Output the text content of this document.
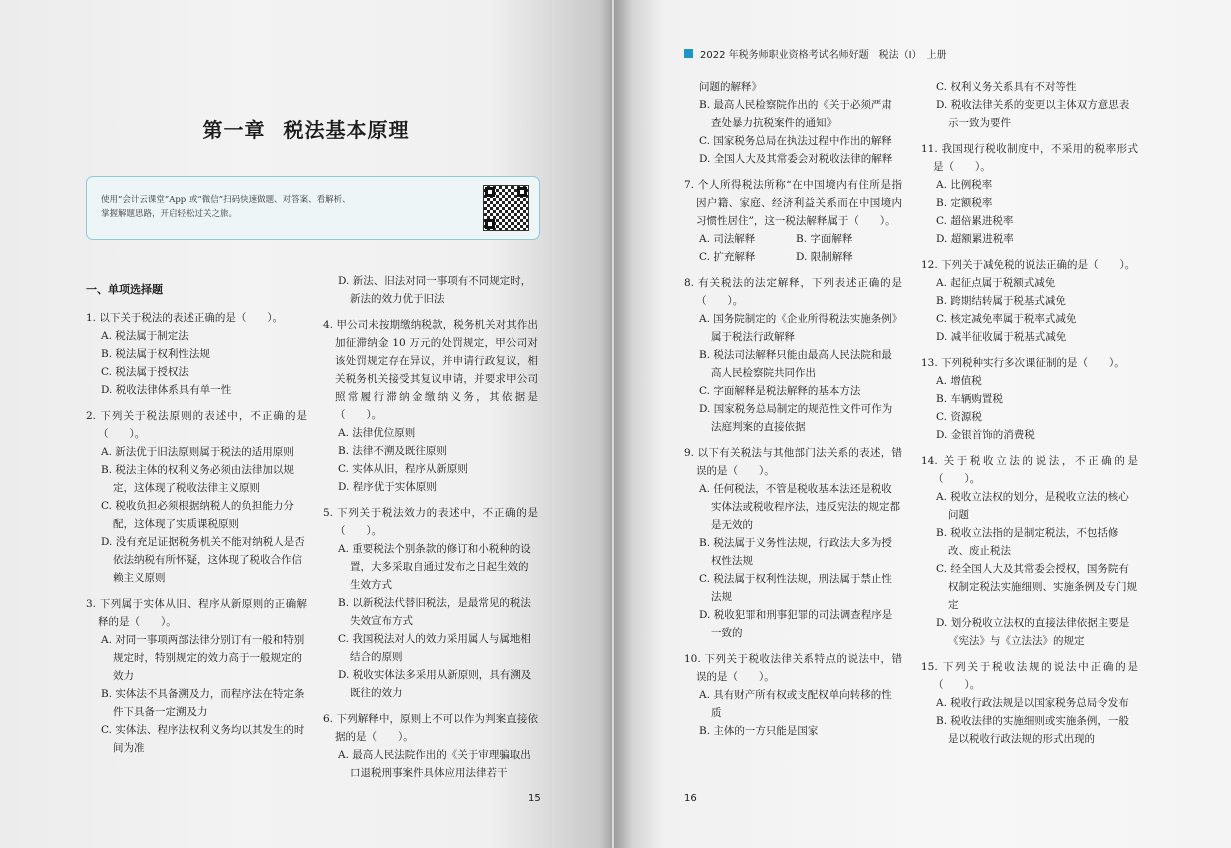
第一章 税法基本原理
使用“会计云课堂”App 或“微信”扫码快速做题、对答案、看解析、
掌握解题思路，开启轻松过关之旅。
一、单项选择题
1. 以下关于税法的表述正确的是（　　）。
A. 税法属于制定法
B. 税法属于权利性法规
C. 税法属于授权法
D. 税收法律体系具有单一性
2. 下列关于税法原则的表述中，不正确的是（　　）。
A. 新法优于旧法原则属于税法的适用原则
B. 税法主体的权利义务必须由法律加以规定，这体现了税收法律主义原则
C. 税收负担必须根据纳税人的负担能力分配，这体现了实质课税原则
D. 没有充足证据税务机关不能对纳税人是否依法纳税有所怀疑，这体现了税收合作信赖主义原则
3. 下列属于实体从旧、程序从新原则的正确解释的是（　　）。
A. 对同一事项两部法律分别订有一般和特别规定时，特别规定的效力高于一般规定的效力
B. 实体法不具备溯及力，而程序法在特定条件下具备一定溯及力
C. 实体法、程序法权利义务均以其发生的时间为准
D. 新法、旧法对同一事项有不同规定时，新法的效力优于旧法
4. 甲公司未按期缴纳税款，税务机关对其作出加征滞纳金 10 万元的处罚规定，甲公司对该处罚规定存在异议，并申请行政复议，相关税务机关接受其复议申请，并要求甲公司照常履行滞纳金缴纳义务，其依据是（　　）。
A. 法律优位原则
B. 法律不溯及既往原则
C. 实体从旧，程序从新原则
D. 程序优于实体原则
5. 下列关于税法效力的表述中，不正确的是（　　）。
A. 重要税法个别条款的修订和小税种的设置，大多采取自通过发布之日起生效的生效方式
B. 以新税法代替旧税法，是最常见的税法失效宣布方式
C. 我国税法对人的效力采用属人与属地相结合的原则
D. 税收实体法多采用从新原则，具有溯及既往的效力
6. 下列解释中，原则上不可以作为判案直接依据的是（　　）。
A. 最高人民法院作出的《关于审理骗取出口退税刑事案件具体应用法律若干
15
2022 年税务师职业资格考试名师好题　税法（Ⅰ）　上册
问题的解释》
B. 最高人民检察院作出的《关于必须严肃查处暴力抗税案件的通知》
C. 国家税务总局在执法过程中作出的解释
D. 全国人大及其常委会对税收法律的解释
7. 个人所得税法所称“在中国境内有住所是指因户籍、家庭、经济利益关系而在中国境内习惯性居住”，这一税法解释属于（　　）。
A. 司法解释	B. 字面解释
C. 扩充解释	D. 限制解释
8. 有关税法的法定解释，下列表述正确的是（　　）。
A. 国务院制定的《企业所得税法实施条例》属于税法行政解释
B. 税法司法解释只能由最高人民法院和最高人民检察院共同作出
C. 字面解释是税法解释的基本方法
D. 国家税务总局制定的规范性文件可作为法庭判案的直接依据
9. 以下有关税法与其他部门法关系的表述，错误的是（　　）。
A. 任何税法，不管是税收基本法还是税收实体法或税收程序法，违反宪法的规定都是无效的
B. 税法属于义务性法规，行政法大多为授权性法规
C. 税法属于权利性法规，刑法属于禁止性法规
D. 税收犯罪和刑事犯罪的司法调查程序是一致的
10. 下列关于税收法律关系特点的说法中，错误的是（　　）。
A. 具有财产所有权或支配权单向转移的性质
B. 主体的一方只能是国家
C. 权利义务关系具有不对等性
D. 税收法律关系的变更以主体双方意思表示一致为要件
11. 我国现行税收制度中，不采用的税率形式是（　　）。
A. 比例税率
B. 定额税率
C. 超倍累进税率
D. 超额累进税率
12. 下列关于减免税的说法正确的是（　　）。
A. 起征点属于税额式减免
B. 跨期结转属于税基式减免
C. 核定减免率属于税率式减免
D. 减半征收属于税基式减免
13. 下列税种实行多次课征制的是（　　）。
A. 增值税
B. 车辆购置税
C. 资源税
D. 金银首饰的消费税
14. 关于税收立法的说法，不正确的是（　　）。
A. 税收立法权的划分，是税收立法的核心问题
B. 税收立法指的是制定税法，不包括修改、废止税法
C. 经全国人大及其常委会授权，国务院有权制定税法实施细则、实施条例及专门规定
D. 划分税收立法权的直接法律依据主要是《宪法》与《立法法》的规定
15. 下列关于税收法规的说法中正确的是（　　）。
A. 税收行政法规是以国家税务总局令发布
B. 税收法律的实施细则或实施条例，一般是以税收行政法规的形式出现的
16
